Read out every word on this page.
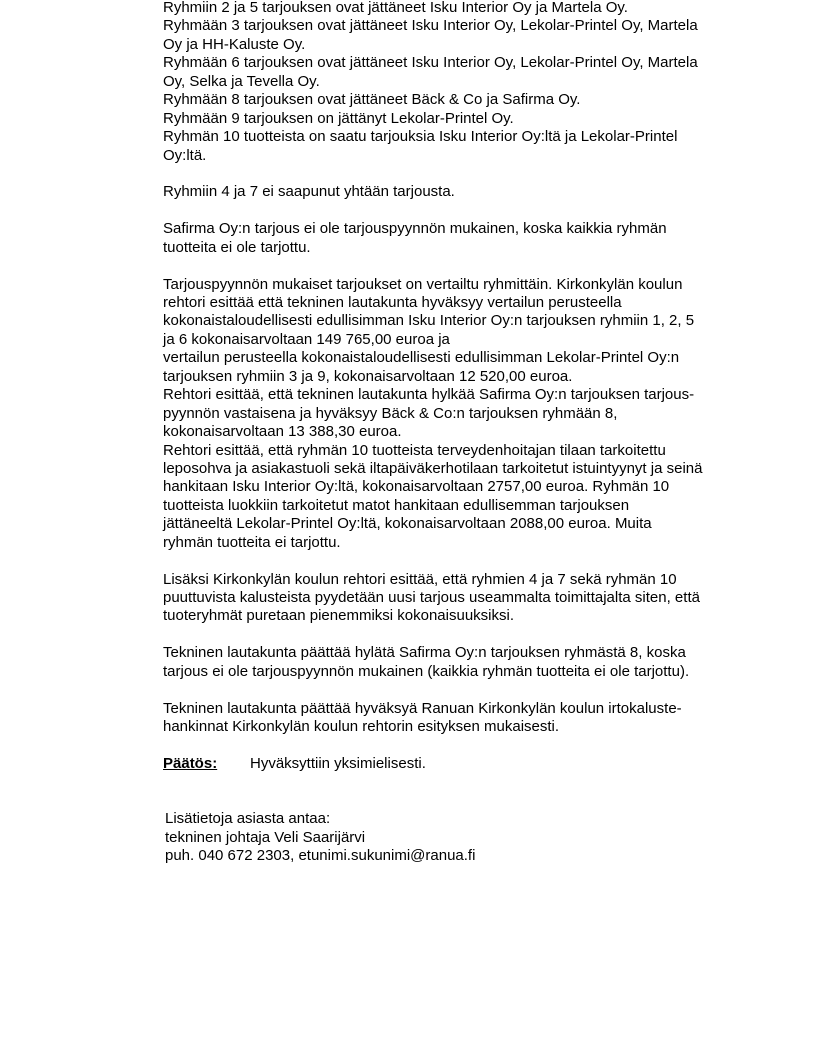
Ryhmiin 2 ja 5 tarjouksen ovat jättäneet Isku Interior Oy ja Martela Oy.
Ryhmään 3 tarjouksen ovat jättäneet Isku Interior Oy, Lekolar-Printel Oy, Martela
Oy ja HH-Kaluste Oy.
Ryhmään 6 tarjouksen ovat jättäneet Isku Interior Oy, Lekolar-Printel Oy, Martela
Oy, Selka ja Tevella Oy.
Ryhmään 8 tarjouksen ovat jättäneet Bäck & Co ja Safirma Oy.
Ryhmään 9 tarjouksen on jättänyt Lekolar-Printel Oy.
Ryhmän 10 tuotteista on saatu tarjouksia Isku Interior Oy:ltä ja Lekolar-Printel
Oy:ltä.
Ryhmiin 4 ja 7 ei saapunut yhtään tarjousta.
Safirma Oy:n tarjous ei ole tarjouspyynnön mukainen, koska kaikkia ryhmän
tuotteita ei ole tarjottu.
Tarjouspyynnön mukaiset tarjoukset on vertailtu ryhmittäin. Kirkonkylän koulun
rehtori esittää että tekninen lautakunta hyväksyy vertailun perusteella
kokonaistaloudellisesti edullisimman Isku Interior Oy:n tarjouksen ryhmiin 1, 2, 5
ja 6 kokonaisarvoltaan 149 765,00 euroa ja
vertailun perusteella kokonaistaloudellisesti edullisimman Lekolar-Printel Oy:n
tarjouksen ryhmiin 3 ja 9, kokonaisarvoltaan 12 520,00 euroa.
Rehtori esittää, että tekninen lautakunta hylkää Safirma Oy:n tarjouksen tarjous-
pyynnön vastaisena ja hyväksyy Bäck & Co:n tarjouksen ryhmään 8,
kokonaisarvoltaan 13 388,30 euroa.
Rehtori esittää, että ryhmän 10 tuotteista terveydenhoitajan tilaan tarkoitettu
leposohva ja asiakastuoli sekä iltapäiväkerhotilaan tarkoitetut istuintyynyt ja seinä
hankitaan Isku Interior Oy:ltä, kokonaisarvoltaan 2757,00 euroa. Ryhmän 10
tuotteista luokkiin tarkoitetut matot hankitaan edullisemman tarjouksen
jättäneeltä Lekolar-Printel Oy:ltä, kokonaisarvoltaan 2088,00 euroa. Muita
ryhmän tuotteita ei tarjottu.
Lisäksi Kirkonkylän koulun rehtori esittää, että ryhmien 4 ja 7 sekä ryhmän 10
puuttuvista kalusteista pyydetään uusi tarjous useammalta toimittajalta siten, että
tuoteryhmät puretaan pienemmiksi kokonaisuuksiksi.
Tekninen lautakunta päättää hylätä Safirma Oy:n tarjouksen ryhmästä 8, koska
tarjous ei ole tarjouspyynnön mukainen (kaikkia ryhmän tuotteita ei ole tarjottu).
Tekninen lautakunta päättää hyväksyä Ranuan Kirkonkylän koulun irtokaluste-
hankinnat Kirkonkylän koulun rehtorin esityksen mukaisesti.
Päätös:	Hyväksyttiin yksimielisesti.
Lisätietoja asiasta antaa:
tekninen johtaja Veli Saarijärvi
puh. 040 672 2303, etunimi.sukunimi@ranua.fi
